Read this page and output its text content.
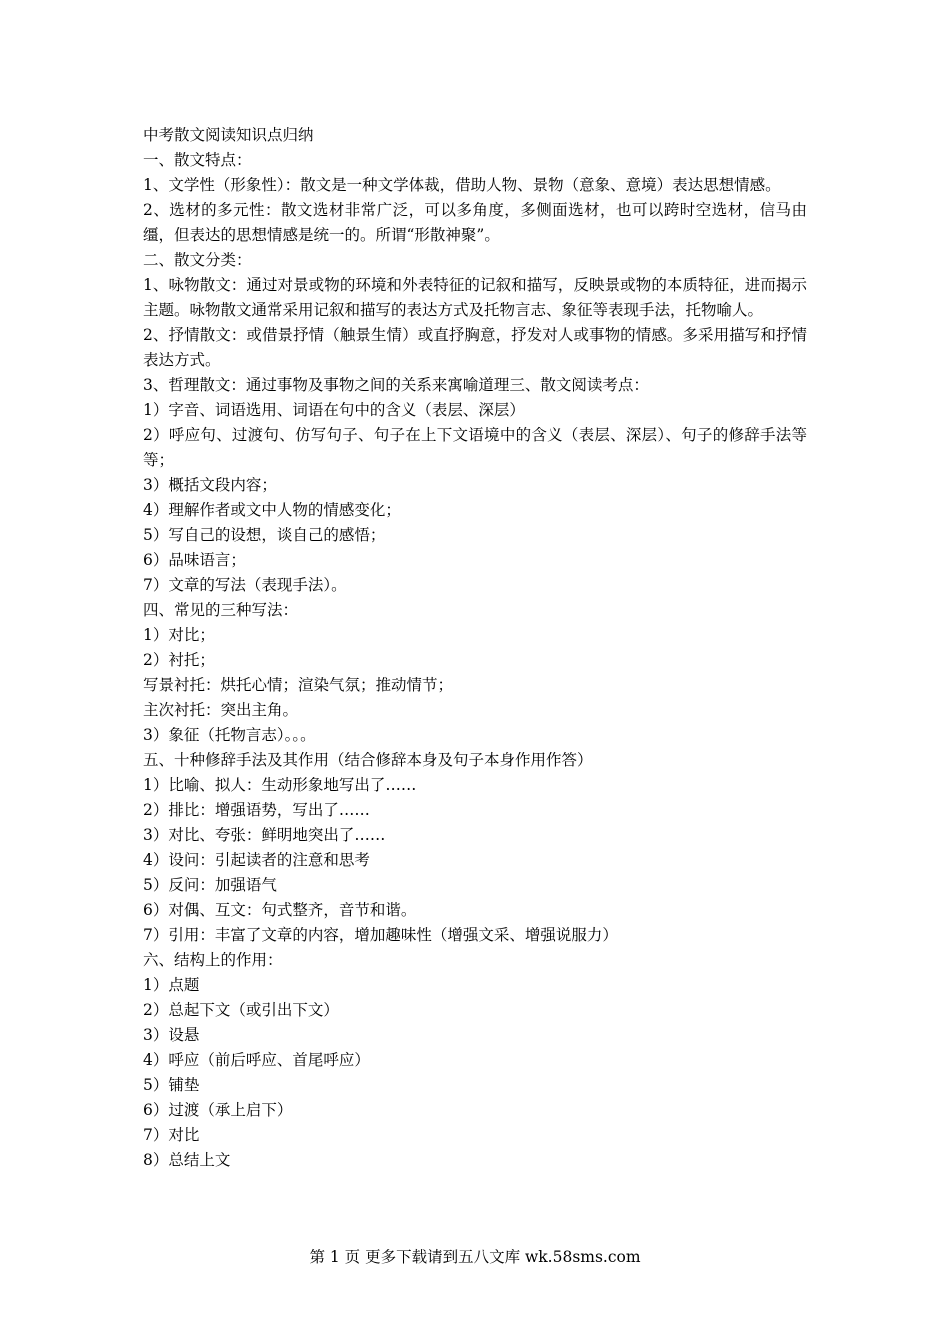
中考散文阅读知识点归纳

一、散文特点：

1、文学性（形象性）：散文是一种文学体裁，借助人物、景物（意象、意境）表达思想情感。

2、选材的多元性：散文选材非常广泛，可以多角度，多侧面选材，也可以跨时空选材，信马由缰，但表达的思想情感是统一的。所谓“形散神聚”。

二、散文分类：

1、咏物散文：通过对景或物的环境和外表特征的记叙和描写，反映景或物的本质特征，进而揭示主题。咏物散文通常采用记叙和描写的表达方式及托物言志、象征等表现手法，托物喻人。

2、抒情散文：或借景抒情（触景生情）或直抒胸意，抒发对人或事物的情感。多采用描写和抒情表达方式。

3、哲理散文：通过事物及事物之间的关系来寓喻道理三、散文阅读考点：

1）字音、词语选用、词语在句中的含义（表层、深层）

2）呼应句、过渡句、仿写句子、句子在上下文语境中的含义（表层、深层）、句子的修辞手法等等；

3）概括文段内容；

4）理解作者或文中人物的情感变化；

5）写自己的设想，谈自己的感悟；

6）品味语言；

7）文章的写法（表现手法）。

四、常见的三种写法：

1）对比；

2）衬托；

写景衬托：烘托心情；渲染气氛；推动情节；

主次衬托：突出主角。

3）象征（托物言志）。。。

五、十种修辞手法及其作用（结合修辞本身及句子本身作用作答）

1）比喻、拟人：生动形象地写出了……

2）排比：增强语势，写出了……

3）对比、夸张：鲜明地突出了……

4）设问：引起读者的注意和思考

5）反问：加强语气

6）对偶、互文：句式整齐，音节和谐。

7）引用：丰富了文章的内容，增加趣味性（增强文采、增强说服力）

六、结构上的作用：

1）点题

2）总起下文（或引出下文）

3）设悬

4）呼应（前后呼应、首尾呼应）

5）铺垫

6）过渡（承上启下）

7）对比

8）总结上文

第 1 页 更多下载请到五八文库 wk.58sms.com
